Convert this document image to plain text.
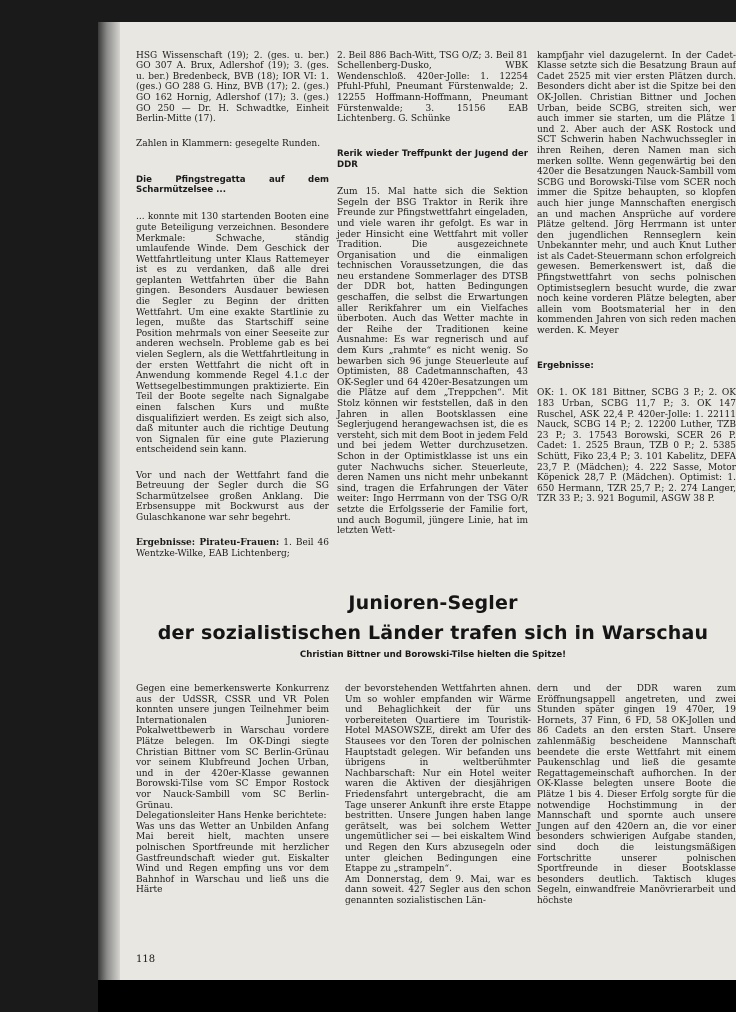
HSG Wissenschaft (19); 2. (ges. u. ber.) GO 307 A. Brux, Adlershof (19); 3. (ges. u. ber.) Bredenbeck, BVB (18); IOR VI: 1. (ges.) GO 288 G. Hinz, BVB (17); 2. (ges.) GO 162 Hornig, Adlershof (17); 3. (ges.) GO 250 — Dr. H. Schwadtke, Einheit Berlin-Mitte (17).

Zahlen in Klammern: gesegelte Runden.

Die Pfingstregatta auf dem Scharmützelsee ...

... konnte mit 130 startenden Booten eine gute Beteiligung verzeichnen. Besondere Merkmale: Schwache, ständig umlaufende Winde. Dem Geschick der Wettfahrtleitung unter Klaus Rattemeyer ist es zu verdanken, daß alle drei geplanten Wettfahrten über die Bahn gingen. Besonders Ausdauer bewiesen die Segler zu Beginn der dritten Wettfahrt. Um eine exakte Startlinie zu legen, mußte das Startschiff seine Position mehrmals von einer Seeseite zur anderen wechseln. Probleme gab es bei vielen Seglern, als die Wettfahrtleitung in der ersten Wettfahrt die nicht oft in Anwendung kommende Regel 4.1.c der Wettsegelbestimmungen praktizierte. Ein Teil der Boote segelte nach Signalgabe einen falschen Kurs und mußte disqualifiziert werden. Es zeigt sich also, daß mitunter auch die richtige Deutung von Signalen für eine gute Plazierung entscheidend sein kann.

Vor und nach der Wettfahrt fand die Betreuung der Segler durch die SG Scharmützelsee großen Anklang. Die Erbsensuppe mit Bockwurst aus der Gulaschkanone war sehr begehrt.

Ergebnisse: Pirateu-Frauen: 1. Beil 46 Wentzke-Wilke, EAB Lichtenberg;

2. Beil 886 Bach-Witt, TSG O/Z; 3. Beil 81 Schellenberg-Dusko, WBK Wendenschloß. 420er-Jolle: 1. 12254 Pfuhl-Pfuhl, Pneumant Fürstenwalde; 2. 12255 Hoffmann-Hoffmann, Pneumant Fürstenwalde; 3. 15156 EAB Lichtenberg. G. Schünke

Rerik wieder Treffpunkt der Jugend der DDR

Zum 15. Mal hatte sich die Sektion Segeln der BSG Traktor in Rerik ihre Freunde zur Pfingstwettfahrt eingeladen, und viele waren ihr gefolgt. Es war in jeder Hinsicht eine Wettfahrt mit voller Tradition. Die ausgezeichnete Organisation und die einmaligen technischen Voraussetzungen, die das neu erstandene Sommerlager des DTSB der DDR bot, hatten Bedingungen geschaffen, die selbst die Erwartungen aller Rerikfahrer um ein Vielfaches überboten. Auch das Wetter machte in der Reihe der Traditionen keine Ausnahme: Es war regnerisch und auf dem Kurs „rahmte“ es nicht wenig. So bewarben sich 96 junge Steuerleute auf Optimisten, 88 Cadetmannschaften, 43 OK-Segler und 64 420er-Besatzungen um die Plätze auf dem „Treppchen“. Mit Stolz können wir feststellen, daß in den Jahren in allen Bootsklassen eine Seglerjugend herangewachsen ist, die es versteht, sich mit dem Boot in jedem Feld und bei jedem Wetter durchzusetzen. Schon in der Optimistklasse ist uns ein guter Nachwuchs sicher. Steuerleute, deren Namen uns nicht mehr unbekannt sind, tragen die Erfahrungen der Väter weiter: Ingo Herrmann von der TSG O/R setzte die Erfolgsserie der Familie fort, und auch Bogumil, jüngere Linie, hat im letzten Wett-

kampfjahr viel dazugelernt. In der Cadet-Klasse setzte sich die Besatzung Braun auf Cadet 2525 mit vier ersten Plätzen durch. Besonders dicht aber ist die Spitze bei den OK-Jollen. Christian Bittner und Jochen Urban, beide SCBG, streiten sich, wer auch immer sie starten, um die Plätze 1 und 2. Aber auch der ASK Rostock und SCT Schwerin haben Nachwuchssegler in ihren Reihen, deren Namen man sich merken sollte. Wenn gegenwärtig bei den 420er die Besatzungen Nauck-Sambill vom SCBG und Borowski-Tilse vom SCER noch immer die Spitze behaupten, so klopfen auch hier junge Mannschaften energisch an und machen Ansprüche auf vordere Plätze geltend. Jörg Herrmann ist unter den jugendlichen Rennseglern kein Unbekannter mehr, und auch Knut Luther ist als Cadet-Steuermann schon erfolgreich gewesen. Bemerkenswert ist, daß die Pfingstwettfahrt von sechs polnischen Optimistseglern besucht wurde, die zwar noch keine vorderen Plätze belegten, aber allein vom Bootsmaterial her in den kommenden Jahren von sich reden machen werden. K. Meyer

Ergebnisse:

OK: 1. OK 181 Bittner, SCBG 3 P.; 2. OK 183 Urban, SCBG 11,7 P.; 3. OK 147 Ruschel, ASK 22,4 P. 420er-Jolle: 1. 22111 Nauck, SCBG 14 P.; 2. 12200 Luther, TZB 23 P.; 3. 17543 Borowski, SCER 26 P. Cadet: 1. 2525 Braun, TZB 0 P.; 2. 5385 Schütt, Fiko 23,4 P.; 3. 101 Kabelitz, DEFA 23,7 P. (Mädchen); 4. 222 Sasse, Motor Köpenick 28,7 P. (Mädchen). Optimist: 1. 650 Hermann, TZR 25,7 P.; 2. 274 Langer, TZR 33 P.; 3. 921 Bogumil, ASGW 38 P.

Junioren-Segler
der sozialistischen Länder trafen sich in Warschau
Christian Bittner und Borowski-Tilse hielten die Spitze!
Gegen eine bemerkenswerte Konkurrenz aus der UdSSR, CSSR und VR Polen konnten unsere jungen Teilnehmer beim Internationalen Junioren-Pokalwettbewerb in Warschau vordere Plätze belegen. Im OK-Dingi siegte Christian Bittner vom SC Berlin-Grünau vor seinem Klubfreund Jochen Urban, und in der 420er-Klasse gewannen Borowski-Tilse vom SC Empor Rostock vor Nauck-Sambill vom SC Berlin-Grünau.
Delegationsleiter Hans Henke berichtete:
Was uns das Wetter an Unbilden Anfang Mai bereit hielt, machten unsere polnischen Sportfreunde mit herzlicher Gastfreundschaft wieder gut. Eiskalter Wind und Regen empfing uns vor dem Bahnhof in Warschau und ließ uns die Härte
der bevorstehenden Wettfahrten ahnen. Um so wohler empfanden wir Wärme und Behaglichkeit der für uns vorbereiteten Quartiere im Touristik-Hotel MASOWSZE, direkt am Ufer des Stausees vor den Toren der polnischen Hauptstadt gelegen. Wir befanden uns übrigens in weltberühmter Nachbarschaft: Nur ein Hotel weiter waren die Aktiven der diesjährigen Friedensfahrt untergebracht, die am Tage unserer Ankunft ihre erste Etappe bestritten. Unsere Jungen haben lange gerätselt, was bei solchem Wetter ungemütlicher sei — bei eiskaltem Wind und Regen den Kurs abzusegeln oder unter gleichen Bedingungen eine Etappe zu „strampeln“.
Am Donnerstag, dem 9. Mai, war es dann soweit. 427 Segler aus den schon genannten sozialistischen Län-
dern und der DDR waren zum Eröffnungsappell angetreten, und zwei Stunden später gingen 19 470er, 19 Hornets, 37 Finn, 6 FD, 58 OK-Jollen und 86 Cadets an den ersten Start. Unsere zahlenmäßig bescheidene Mannschaft beendete die erste Wettfahrt mit einem Paukenschlag und ließ die gesamte Regattagemeinschaft aufhorchen. In der OK-Klasse belegten unsere Boote die Plätze 1 bis 4. Dieser Erfolg sorgte für die notwendige Hochstimmung in der Mannschaft und spornte auch unsere Jungen auf den 420ern an, die vor einer besonders schwierigen Aufgabe standen, sind doch die leistungsmäßigen Fortschritte unserer polnischen Sportfreunde in dieser Bootsklasse besonders deutlich. Taktisch kluges Segeln, einwandfreie Manövrierarbeit und höchste
118
